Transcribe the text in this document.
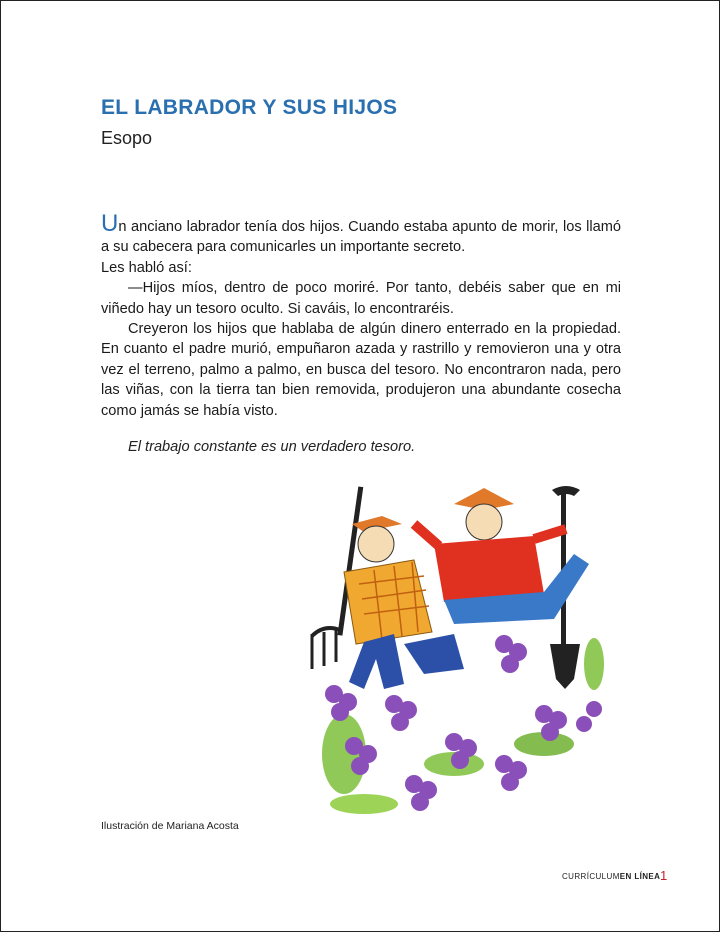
EL LABRADOR Y SUS HIJOS
Esopo

Un anciano labrador tenía dos hijos. Cuando estaba apunto de morir, los llamó a su cabecera para comunicarles un importante secreto.

Les habló así:

—Hijos míos, dentro de poco moriré. Por tanto, debéis saber que en mi viñedo hay un tesoro oculto. Si caváis, lo encontraréis.

Creyeron los hijos que hablaba de algún dinero enterrado en la propiedad. En cuanto el padre murió, empuñaron azada y rastrillo y removieron una y otra vez el terreno, palmo a palmo, en busca del tesoro. No encontraron nada, pero las viñas, con la tierra tan bien removida, produjeron una abundante cosecha como jamás se había visto.

El trabajo constante es un verdadero tesoro.
Ilustración de Mariana Acosta
CURRÍCULUMEN LÍNEA 1
